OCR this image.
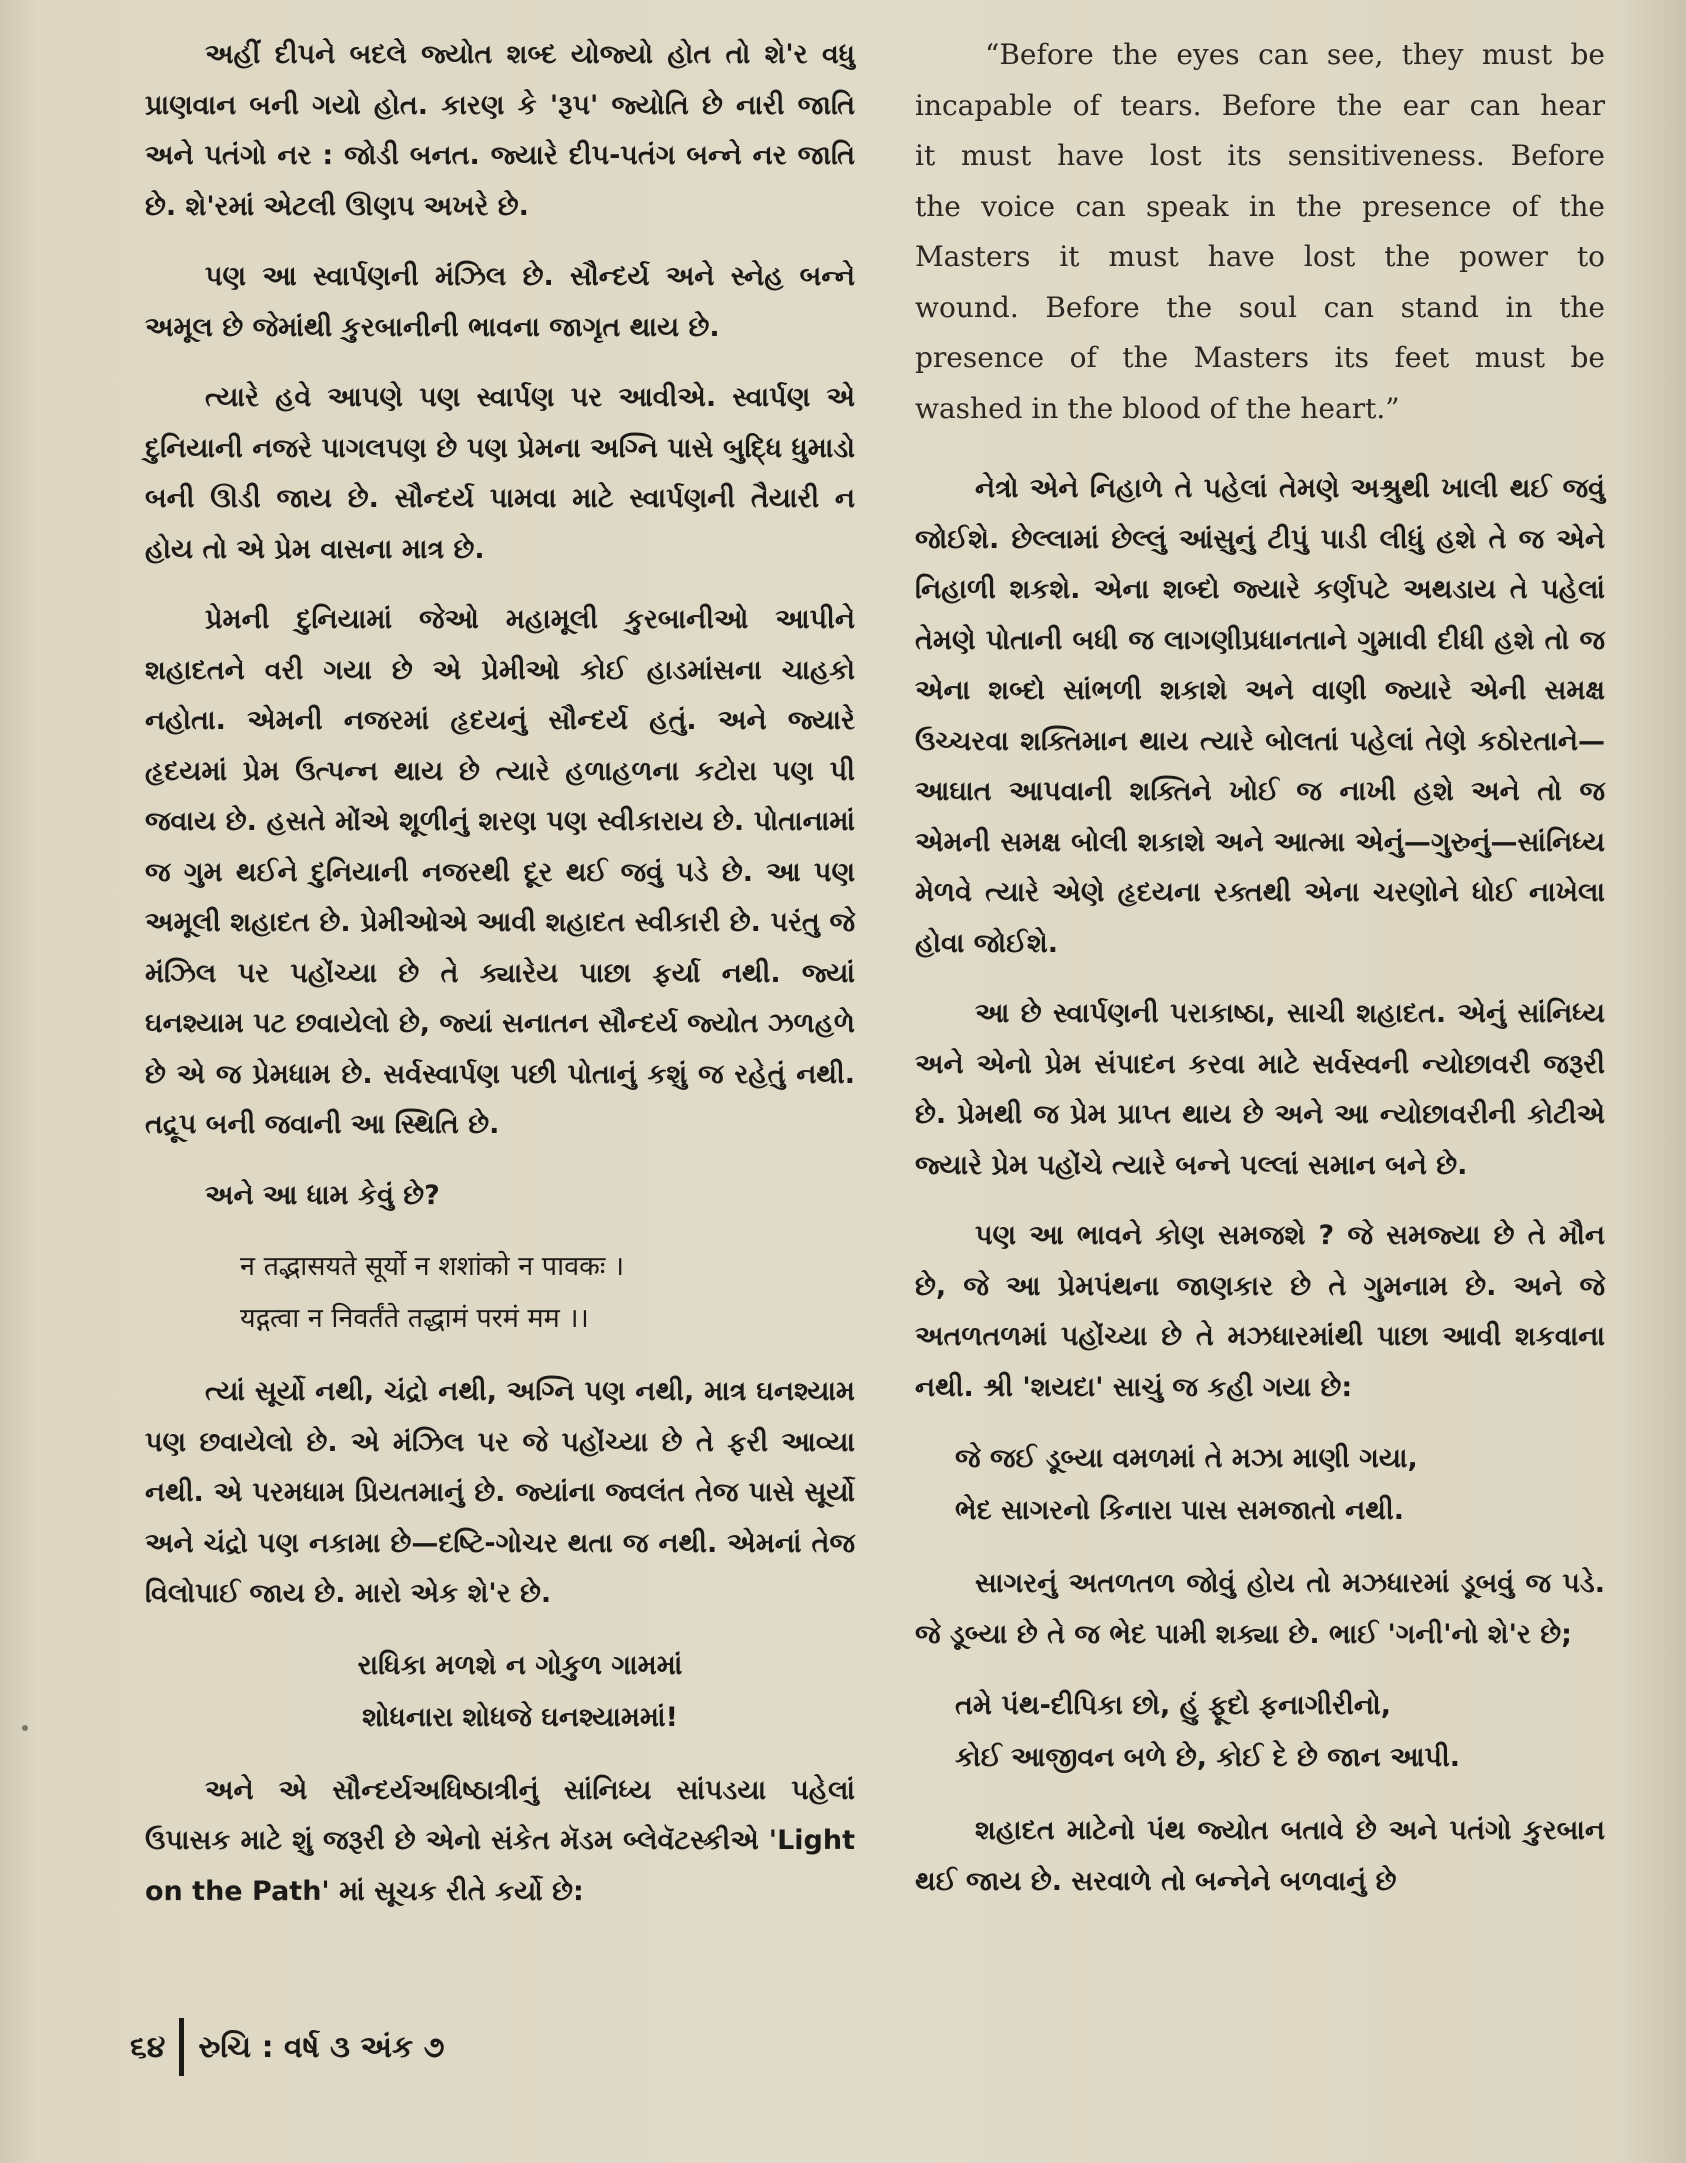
અહીં દીપને બદલે જ્યોત શબ્દ યોજ્યો હોત તો શે'ર વધુ પ્રાણવાન બની ગયો હોત. કારણ કે 'રૂપ' જ્યોતિ છે નારી જાતિ અને પતંગો નર : જોડી બનત. જ્યારે દીપ-પતંગ બન્ને નર જાતિ છે. શે'રમાં એટલી ઊણપ અખરે છે.

પણ આ સ્વાર્પણની મંઝિલ છે. સૌન્દર્ય અને સ્નેહ બન્ને અમૂલ છે જેમાંથી કુરબાનીની ભાવના જાગૃત થાય છે.

ત્યારે હવે આપણે પણ સ્વાર્પણ પર આવીએ. સ્વાર્પણ એ દુનિયાની નજરે પાગલપણ છે પણ પ્રેમના અગ્નિ પાસે બુદ્ધિ ધુમાડો બની ઊડી જાય છે. સૌન્દર્ય પામવા માટે સ્વાર્પણની તૈયારી ન હોય તો એ પ્રેમ વાસના માત્ર છે.

પ્રેમની દુનિયામાં જેઓ મહામૂલી કુરબાનીઓ આપીને શહાદતને વરી ગયા છે એ પ્રેમીઓ કોઈ હાડમાંસના ચાહકો નહોતા. એમની નજરમાં હૃદયનું સૌન્દર્ય હતું. અને જ્યારે હૃદયમાં પ્રેમ ઉત્પન્ન થાય છે ત્યારે હળાહળના કટોરા પણ પી જવાય છે. હસતે મોંએ શૂળીનું શરણ પણ સ્વીકારાય છે. પોતાનામાં જ ગુમ થઈને દુનિયાની નજરથી દૂર થઈ જવું પડે છે. આ પણ અમૂલી શહાદત છે. પ્રેમીઓએ આવી શહાદત સ્વીકારી છે. પરંતુ જે મંઝિલ પર પહોંચ્યા છે તે ક્યારેય પાછા ફર્યા નથી. જ્યાં ઘનશ્યામ પટ છવાયેલો છે, જ્યાં સનાતન સૌન્દર્ય જ્યોત ઝળહળે છે એ જ પ્રેમધામ છે. સર્વસ્વાર્પણ પછી પોતાનું કશું જ રહેતું નથી. તદ્રૂપ બની જવાની આ સ્થિતિ છે.

અને આ ધામ કેવું છે?

न तद्भासयते सूर्यो न शशांको न पावकः ।
यद्गत्वा न निवर्तंते तद्धामं परमं मम ।।

ત્યાં સૂર્યો નથી, ચંદ્રો નથી, અગ્નિ પણ નથી, માત્ર ઘનશ્યામ પણ છવાયેલો છે. એ મંઝિલ પર જે પહોંચ્યા છે તે ફરી આવ્યા નથી. એ પરમધામ પ્રિયતમાનું છે. જ્યાંના જ્વલંત તેજ પાસે સૂર્યો અને ચંદ્રો પણ નકામા છે—દષ્ટિ-ગોચર થતા જ નથી. એમનાં તેજ વિલોપાઈ જાય છે. મારો એક શે'ર છે.

રાધિકા મળશે ન ગોકુળ ગામમાં
શોધનારા શોધજે ઘનશ્યામમાં!

અને એ સૌન્દર્યઅધિષ્ઠાત્રીનું સાંનિધ્ય સાંપડયા પહેલાં ઉપાસક માટે શું જરૂરી છે એનો સંકેત મૅડમ બ્લેવૅટસ્કીએ 'Light on the Path' માં સૂચક રીતે કર્યો છે:

“Before the eyes can see, they must be
incapable of tears. Before the ear can hear
it must have lost its sensitiveness. Before
the voice can speak in the presence of the
Masters it must have lost the power to
wound. Before the soul can stand in the
presence of the Masters its feet must be
washed in the blood of the heart.”

નેત્રો એને નિહાળે તે પહેલાં તેમણે અશ્રુથી ખાલી થઈ જવું જોઈશે. છેલ્લામાં છેલ્લું આંસુનું ટીપું પાડી લીધું હશે તે જ એને નિહાળી શકશે. એના શબ્દો જ્યારે કર્ણપટે અથડાય તે પહેલાં તેમણે પોતાની બધી જ લાગણીપ્રધાનતાને ગુમાવી દીધી હશે તો જ એના શબ્દો સાંભળી શકાશે અને વાણી જ્યારે એની સમક્ષ ઉચ્ચરવા શક્તિમાન થાય ત્યારે બોલતાં પહેલાં તેણે કઠોરતાને—આઘાત આપવાની શક્તિને ખોઈ જ નાખી હશે અને તો જ એમની સમક્ષ બોલી શકાશે અને આત્મા એનું—ગુરુનું—સાંનિધ્ય મેળવે ત્યારે એણે હૃદયના રક્તથી એના ચરણોને ધોઈ નાખેલા હોવા જોઈશે.

આ છે સ્વાર્પણની પરાકાષ્ઠા, સાચી શહાદત. એનું સાંનિધ્ય અને એનો પ્રેમ સંપાદન કરવા માટે સર્વસ્વની ન્યોછાવરી જરૂરી છે. પ્રેમથી જ પ્રેમ પ્રાપ્ત થાય છે અને આ ન્યોછાવરીની કોટીએ જ્યારે પ્રેમ પહોંચે ત્યારે બન્ને પલ્લાં સમાન બને છે.

પણ આ ભાવને કોણ સમજશે ? જે સમજ્યા છે તે મૌન છે, જે આ પ્રેમપંથના જાણકાર છે તે ગુમનામ છે. અને જે અતળતળમાં પહોંચ્યા છે તે મઝધારમાંથી પાછા આવી શકવાના નથી. શ્રી 'શયદા' સાચું જ કહી ગયા છે:

જે જઈ ડૂબ્યા વમળમાં તે મઝા માણી ગયા,
ભેદ સાગરનો કિનારા પાસ સમજાતો નથી.

સાગરનું અતળતળ જોવું હોય તો મઝધારમાં ડૂબવું જ પડે. જે ડૂબ્યા છે તે જ ભેદ પામી શક્યા છે. ભાઈ 'ગની'નો શે'ર છે;

તમે પંથ-દીપિકા છો, હું ફૂદો ફનાગીરીનો,
કોઈ આજીવન બળે છે, કોઈ દે છે જાન આપી.

શહાદત માટેનો પંથ જ્યોત બતાવે છે અને પતંગો કુરબાન થઈ જાય છે. સરવાળે તો બન્નેને બળવાનું છે

૬૪ રુચિ : વર્ષ ૩ અંક ૭
